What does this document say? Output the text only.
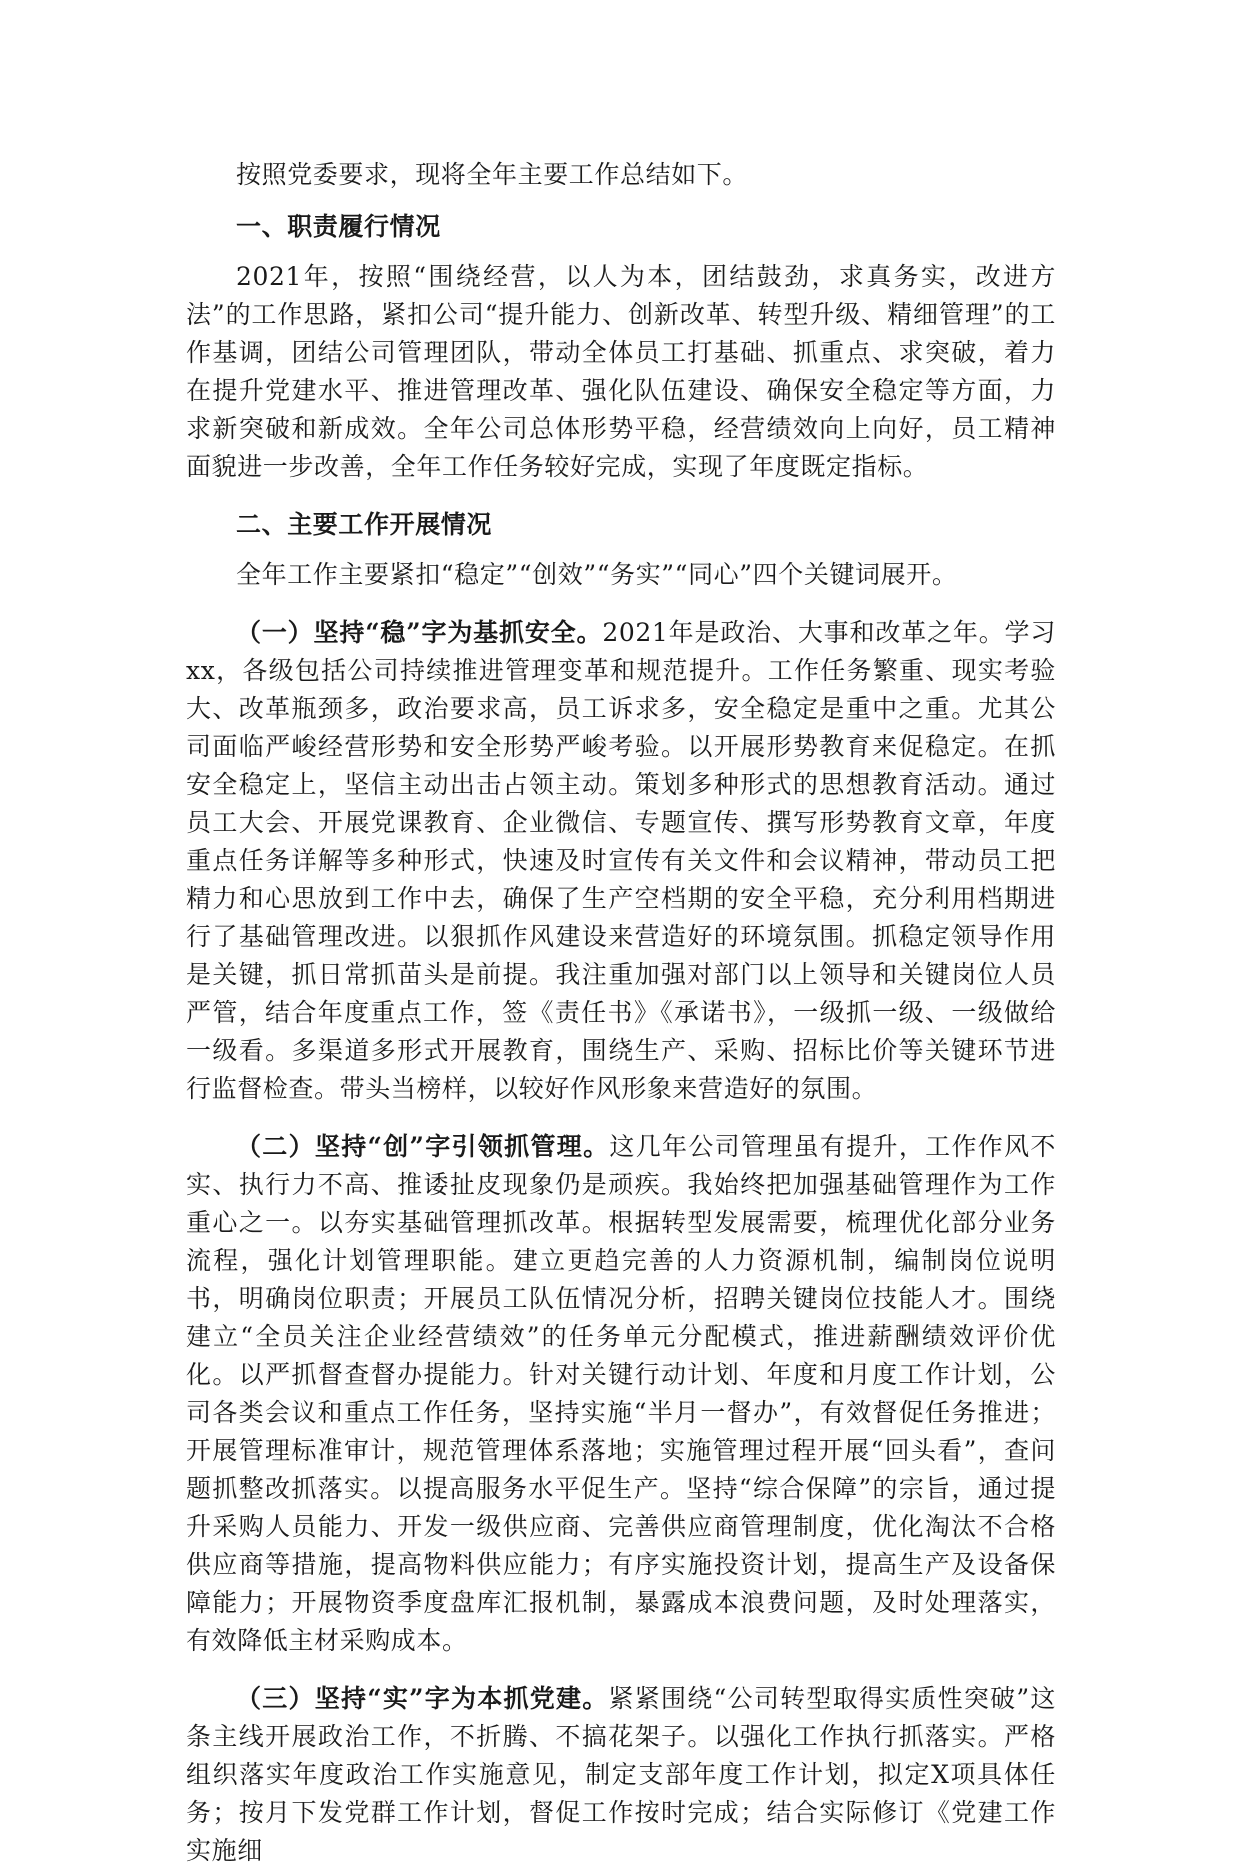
按照党委要求，现将全年主要工作总结如下。

一、职责履行情况

2021年，按照“围绕经营，以人为本，团结鼓劲，求真务实，改进方法”的工作思路，紧扣公司“提升能力、创新改革、转型升级、精细管理”的工作基调，团结公司管理团队，带动全体员工打基础、抓重点、求突破，着力在提升党建水平、推进管理改革、强化队伍建设、确保安全稳定等方面，力求新突破和新成效。全年公司总体形势平稳，经营绩效向上向好，员工精神面貌进一步改善，全年工作任务较好完成，实现了年度既定指标。

二、主要工作开展情况

全年工作主要紧扣“稳定”“创效”“务实”“同心”四个关键词展开。

（一）坚持“稳”字为基抓安全。2021年是政治、大事和改革之年。学习xx，各级包括公司持续推进管理变革和规范提升。工作任务繁重、现实考验大、改革瓶颈多，政治要求高，员工诉求多，安全稳定是重中之重。尤其公司面临严峻经营形势和安全形势严峻考验。以开展形势教育来促稳定。在抓安全稳定上，坚信主动出击占领主动。策划多种形式的思想教育活动。通过员工大会、开展党课教育、企业微信、专题宣传、撰写形势教育文章，年度重点任务详解等多种形式，快速及时宣传有关文件和会议精神，带动员工把精力和心思放到工作中去，确保了生产空档期的安全平稳，充分利用档期进行了基础管理改进。以狠抓作风建设来营造好的环境氛围。抓稳定领导作用是关键，抓日常抓苗头是前提。我注重加强对部门以上领导和关键岗位人员严管，结合年度重点工作，签《责任书》《承诺书》，一级抓一级、一级做给一级看。多渠道多形式开展教育，围绕生产、采购、招标比价等关键环节进行监督检查。带头当榜样，以较好作风形象来营造好的氛围。

（二）坚持“创”字引领抓管理。这几年公司管理虽有提升，工作作风不实、执行力不高、推诿扯皮现象仍是顽疾。我始终把加强基础管理作为工作重心之一。以夯实基础管理抓改革。根据转型发展需要，梳理优化部分业务流程，强化计划管理职能。建立更趋完善的人力资源机制，编制岗位说明书，明确岗位职责；开展员工队伍情况分析，招聘关键岗位技能人才。围绕建立“全员关注企业经营绩效”的任务单元分配模式，推进薪酬绩效评价优化。以严抓督查督办提能力。针对关键行动计划、年度和月度工作计划，公司各类会议和重点工作任务，坚持实施“半月一督办”，有效督促任务推进；开展管理标准审计，规范管理体系落地；实施管理过程开展“回头看”，查问题抓整改抓落实。以提高服务水平促生产。坚持“综合保障”的宗旨，通过提升采购人员能力、开发一级供应商、完善供应商管理制度，优化淘汰不合格供应商等措施，提高物料供应能力；有序实施投资计划，提高生产及设备保障能力；开展物资季度盘库汇报机制，暴露成本浪费问题，及时处理落实，有效降低主材采购成本。

（三）坚持“实”字为本抓党建。紧紧围绕“公司转型取得实质性突破”这条主线开展政治工作，不折腾、不搞花架子。以强化工作执行抓落实。严格组织落实年度政治工作实施意见，制定支部年度工作计划，拟定X项具体任务；按月下发党群工作计划，督促工作按时完成；结合实际修订《党建工作实施细
